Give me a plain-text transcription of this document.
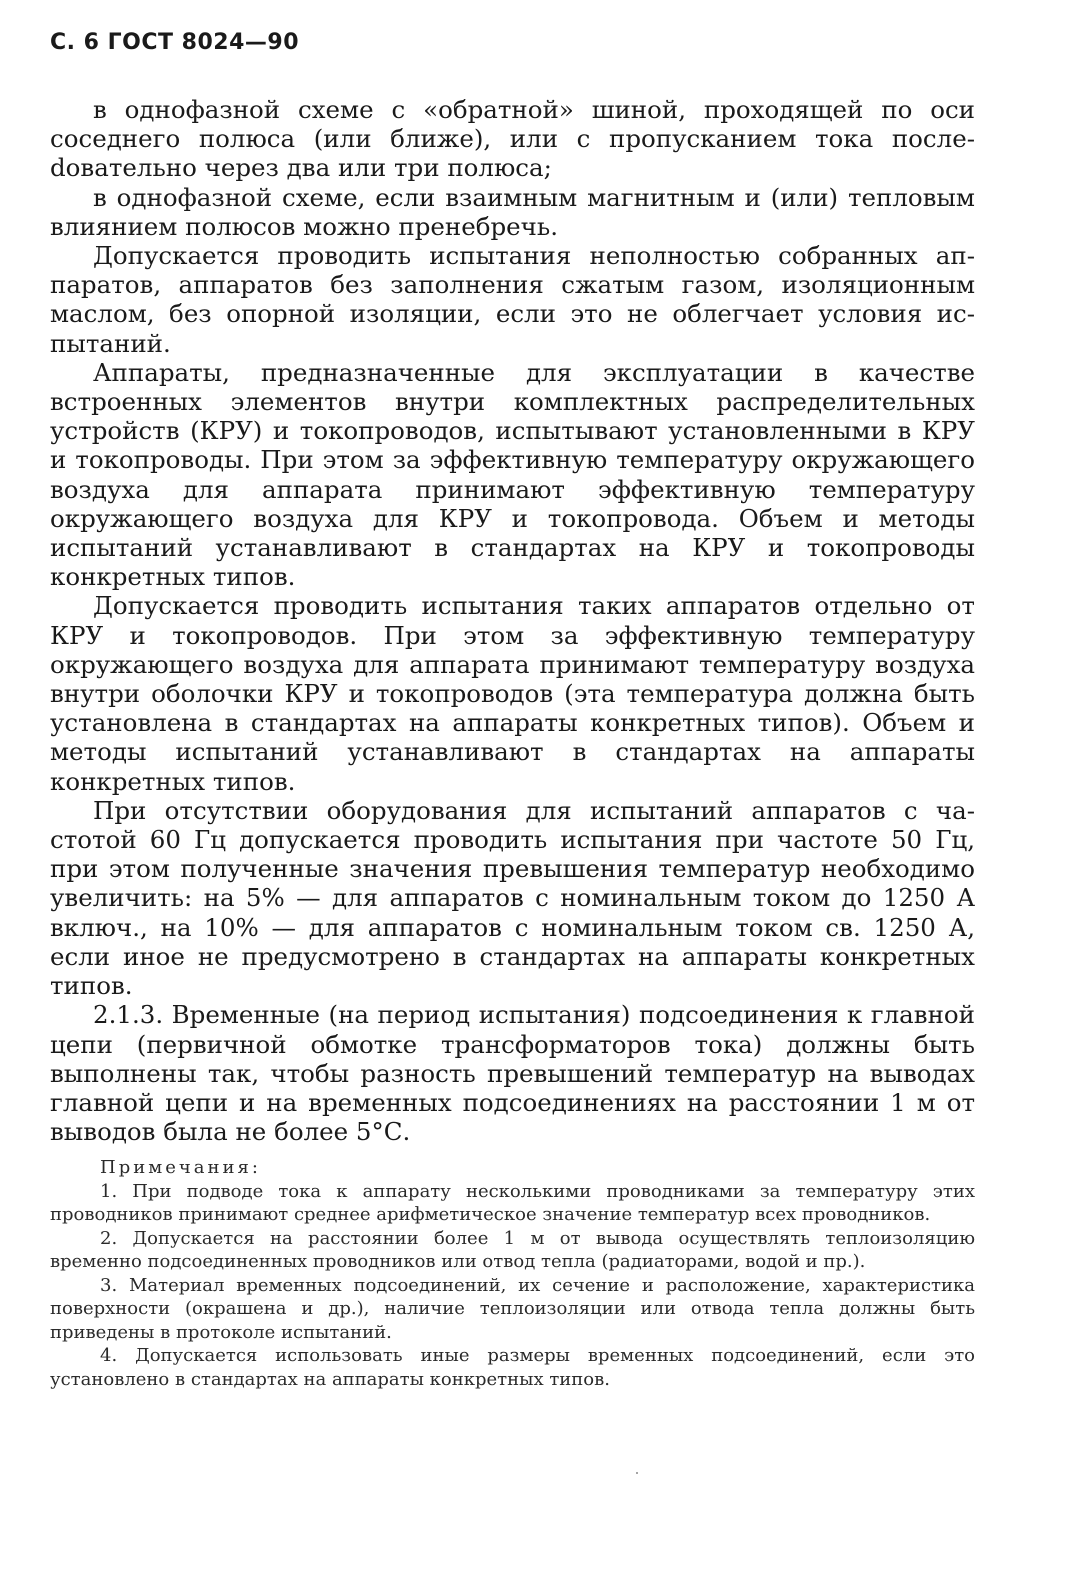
С. 6 ГОСТ 8024—90

в однофазной схеме с «обратной» шиной, проходящей по оси соседнего полюса (или ближе), или с пропусканием тока послеdовательно через два или три полюса;

в однофазной схеме, если взаимным магнитным и (или) тепловым влиянием полюсов можно пренебречь.

Допускается проводить испытания неполностью собранных аппаратов, аппаратов без заполнения сжатым газом, изоляционным маслом, без опорной изоляции, если это не облегчает условия испытаний.

Аппараты, предназначенные для эксплуатации в качестве встроенных элементов внутри комплектных распределительных устройств (КРУ) и токопроводов, испытывают установленными в КРУ и токопроводы. При этом за эффективную температуру окружающего воздуха для аппарата принимают эффективную температуру окружающего воздуха для КРУ и токопровода. Объем и методы испытаний устанавливают в стандартах на КРУ и токопроводы конкретных типов.

Допускается проводить испытания таких аппаратов отдельно от КРУ и токопроводов. При этом за эффективную температуру окружающего воздуха для аппарата принимают температуру воздуха внутри оболочки КРУ и токопроводов (эта температура должна быть установлена в стандартах на аппараты конкретных типов). Объем и методы испытаний устанавливают в стандартах на аппараты конкретных типов.

При отсутствии оборудования для испытаний аппаратов с частотой 60 Гц допускается проводить испытания при частоте 50 Гц, при этом полученные значения превышения температур необходимо увеличить: на 5% — для аппаратов с номинальным током до 1250 А включ., на 10% — для аппаратов с номинальным током св. 1250 А, если иное не предусмотрено в стандартах на аппараты конкретных типов.

2.1.3. Временные (на период испытания) подсоединения к главной цепи (первичной обмотке трансформаторов тока) должны быть выполнены так, чтобы разность превышений температур на выводах главной цепи и на временных подсоединениях на расстоянии 1 м от выводов была не более 5°С.

Примечания:

1. При подводе тока к аппарату несколькими проводниками за температуру этих проводников принимают среднее арифметическое значение температур всех проводников.

2. Допускается на расстоянии более 1 м от вывода осуществлять теплоизоляцию временно подсоединенных проводников или отвод тепла (радиаторами, водой и пр.).

3. Материал временных подсоединений, их сечение и расположение, характеристика поверхности (окрашена и др.), наличие теплоизоляции или отвода тепла должны быть приведены в протоколе испытаний.

4. Допускается использовать иные размеры временных подсоединений, если это установлено в стандартах на аппараты конкретных типов.
